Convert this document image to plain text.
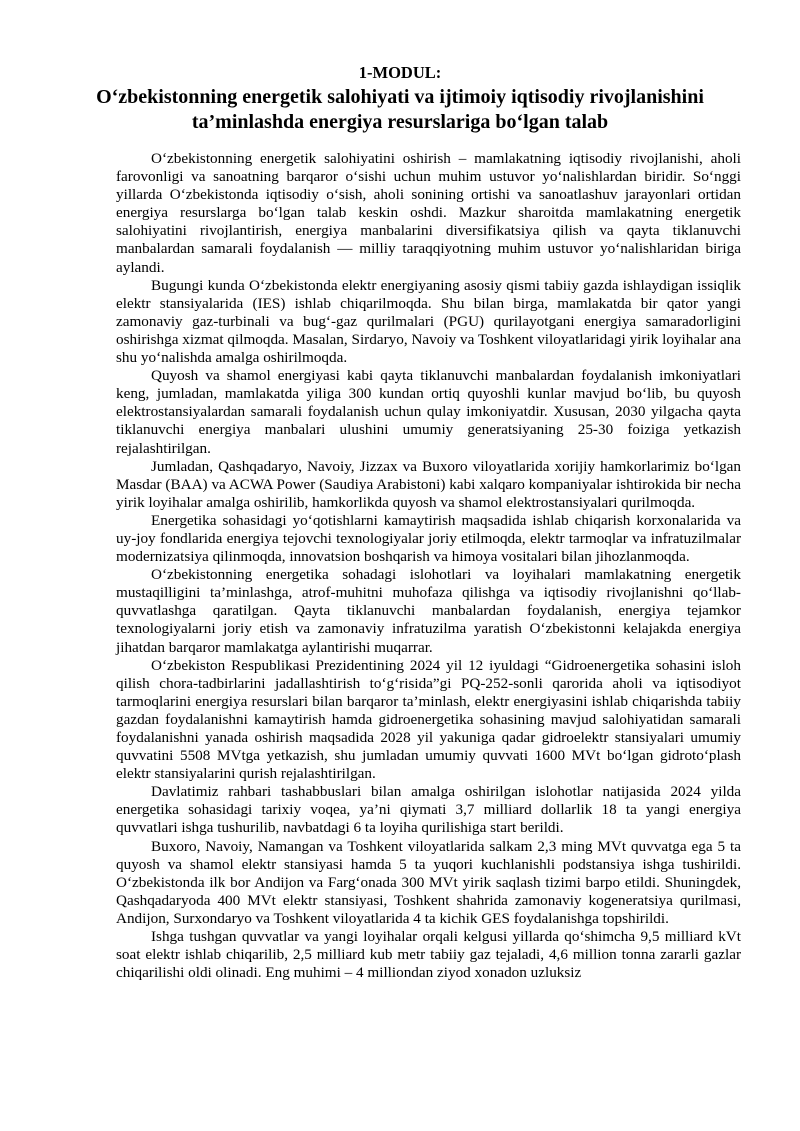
1-MODUL:
O‘zbekistonning energetik salohiyati va ijtimoiy iqtisodiy rivojlanishini ta’minlashda energiya resurslariga bo‘lgan talab

O‘zbekistonning energetik salohiyatini oshirish – mamlakatning iqtisodiy rivojlanishi, aholi farovonligi va sanoatning barqaror o‘sishi uchun muhim ustuvor yo‘nalishlardan biridir. So‘nggi yillarda O‘zbekistonda iqtisodiy o‘sish, aholi sonining ortishi va sanoatlashuv jarayonlari ortidan energiya resurslarga bo‘lgan talab keskin oshdi. Mazkur sharoitda mamlakatning energetik salohiyatini rivojlantirish, energiya manbalarini diversifikatsiya qilish va qayta tiklanuvchi manbalardan samarali foydalanish — milliy taraqqiyotning muhim ustuvor yo‘nalishlaridan biriga aylandi.

Bugungi kunda O‘zbekistonda elektr energiyaning asosiy qismi tabiiy gazda ishlaydigan issiqlik elektr stansiyalarida (IES) ishlab chiqarilmoqda. Shu bilan birga, mamlakatda bir qator yangi zamonaviy gaz-turbinali va bug‘-gaz qurilmalari (PGU) qurilayotgani energiya samaradorligini oshirishga xizmat qilmoqda. Masalan, Sirdaryo, Navoiy va Toshkent viloyatlaridagi yirik loyihalar ana shu yo‘nalishda amalga oshirilmoqda.

Quyosh va shamol energiyasi kabi qayta tiklanuvchi manbalardan foydalanish imkoniyatlari keng, jumladan, mamlakatda yiliga 300 kundan ortiq quyoshli kunlar mavjud bo‘lib, bu quyosh elektrostansiyalardan samarali foydalanish uchun qulay imkoniyatdir. Xususan, 2030 yilgacha qayta tiklanuvchi energiya manbalari ulushini umumiy generatsiyaning 25-30 foiziga yetkazish rejalashtirilgan.

Jumladan, Qashqadaryo, Navoiy, Jizzax va Buxoro viloyatlarida xorijiy hamkorlarimiz bo‘lgan Masdar (BAA) va ACWA Power (Saudiya Arabistoni) kabi xalqaro kompaniyalar ishtirokida bir necha yirik loyihalar amalga oshirilib, hamkorlikda quyosh va shamol elektrostansiyalari qurilmoqda.

Energetika sohasidagi yo‘qotishlarni kamaytirish maqsadida ishlab chiqarish korxonalarida va uy-joy fondlarida energiya tejovchi texnologiyalar joriy etilmoqda, elektr tarmoqlar va infratuzilmalar modernizatsiya qilinmoqda, innovatsion boshqarish va himoya vositalari bilan jihozlanmoqda.

O‘zbekistonning energetika sohadagi islohotlari va loyihalari mamlakatning energetik mustaqilligini ta’minlashga, atrof-muhitni muhofaza qilishga va iqtisodiy rivojlanishni qo‘llab-quvvatlashga qaratilgan. Qayta tiklanuvchi manbalardan foydalanish, energiya tejamkor texnologiyalarni joriy etish va zamonaviy infratuzilma yaratish O‘zbekistonni kelajakda energiya jihatdan barqaror mamlakatga aylantirishi muqarrar.

O‘zbekiston Respublikasi Prezidentining 2024 yil 12 iyuldagi “Gidroenergetika sohasini isloh qilish chora-tadbirlarini jadallashtirish to‘g‘risida”gi PQ-252-sonli qarorida aholi va iqtisodiyot tarmoqlarini energiya resurslari bilan barqaror ta’minlash, elektr energiyasini ishlab chiqarishda tabiiy gazdan foydalanishni kamaytirish hamda gidroenergetika sohasining mavjud salohiyatidan samarali foydalanishni yanada oshirish maqsadida 2028 yil yakuniga qadar gidroelektr stansiyalari umumiy quvvatini 5508 MVtga yetkazish, shu jumladan umumiy quvvati 1600 MVt bo‘lgan gidroto‘plash elektr stansiyalarini qurish rejalashtirilgan.

Davlatimiz rahbari tashabbuslari bilan amalga oshirilgan islohotlar natijasida 2024 yilda energetika sohasidagi tarixiy voqea, ya’ni qiymati 3,7 milliard dollarlik 18 ta yangi energiya quvvatlari ishga tushurilib, navbatdagi 6 ta loyiha qurilishiga start berildi.

Buxoro, Navoiy, Namangan va Toshkent viloyatlarida salkam 2,3 ming MVt quvvatga ega 5 ta quyosh va shamol elektr stansiyasi hamda 5 ta yuqori kuchlanishli podstansiya ishga tushirildi. O‘zbekistonda ilk bor Andijon va Farg‘onada 300 MVt yirik saqlash tizimi barpo etildi. Shuningdek, Qashqadaryoda 400 MVt elektr stansiyasi, Toshkent shahrida zamonaviy kogeneratsiya qurilmasi, Andijon, Surxondaryo va Toshkent viloyatlarida 4 ta kichik GES foydalanishga topshirildi.

Ishga tushgan quvvatlar va yangi loyihalar orqali kelgusi yillarda qo‘shimcha 9,5 milliard kVt soat elektr ishlab chiqarilib, 2,5 milliard kub metr tabiiy gaz tejaladi, 4,6 million tonna zararli gazlar chiqarilishi oldi olinadi. Eng muhimi – 4 milliondan ziyod xonadon uzluksiz
